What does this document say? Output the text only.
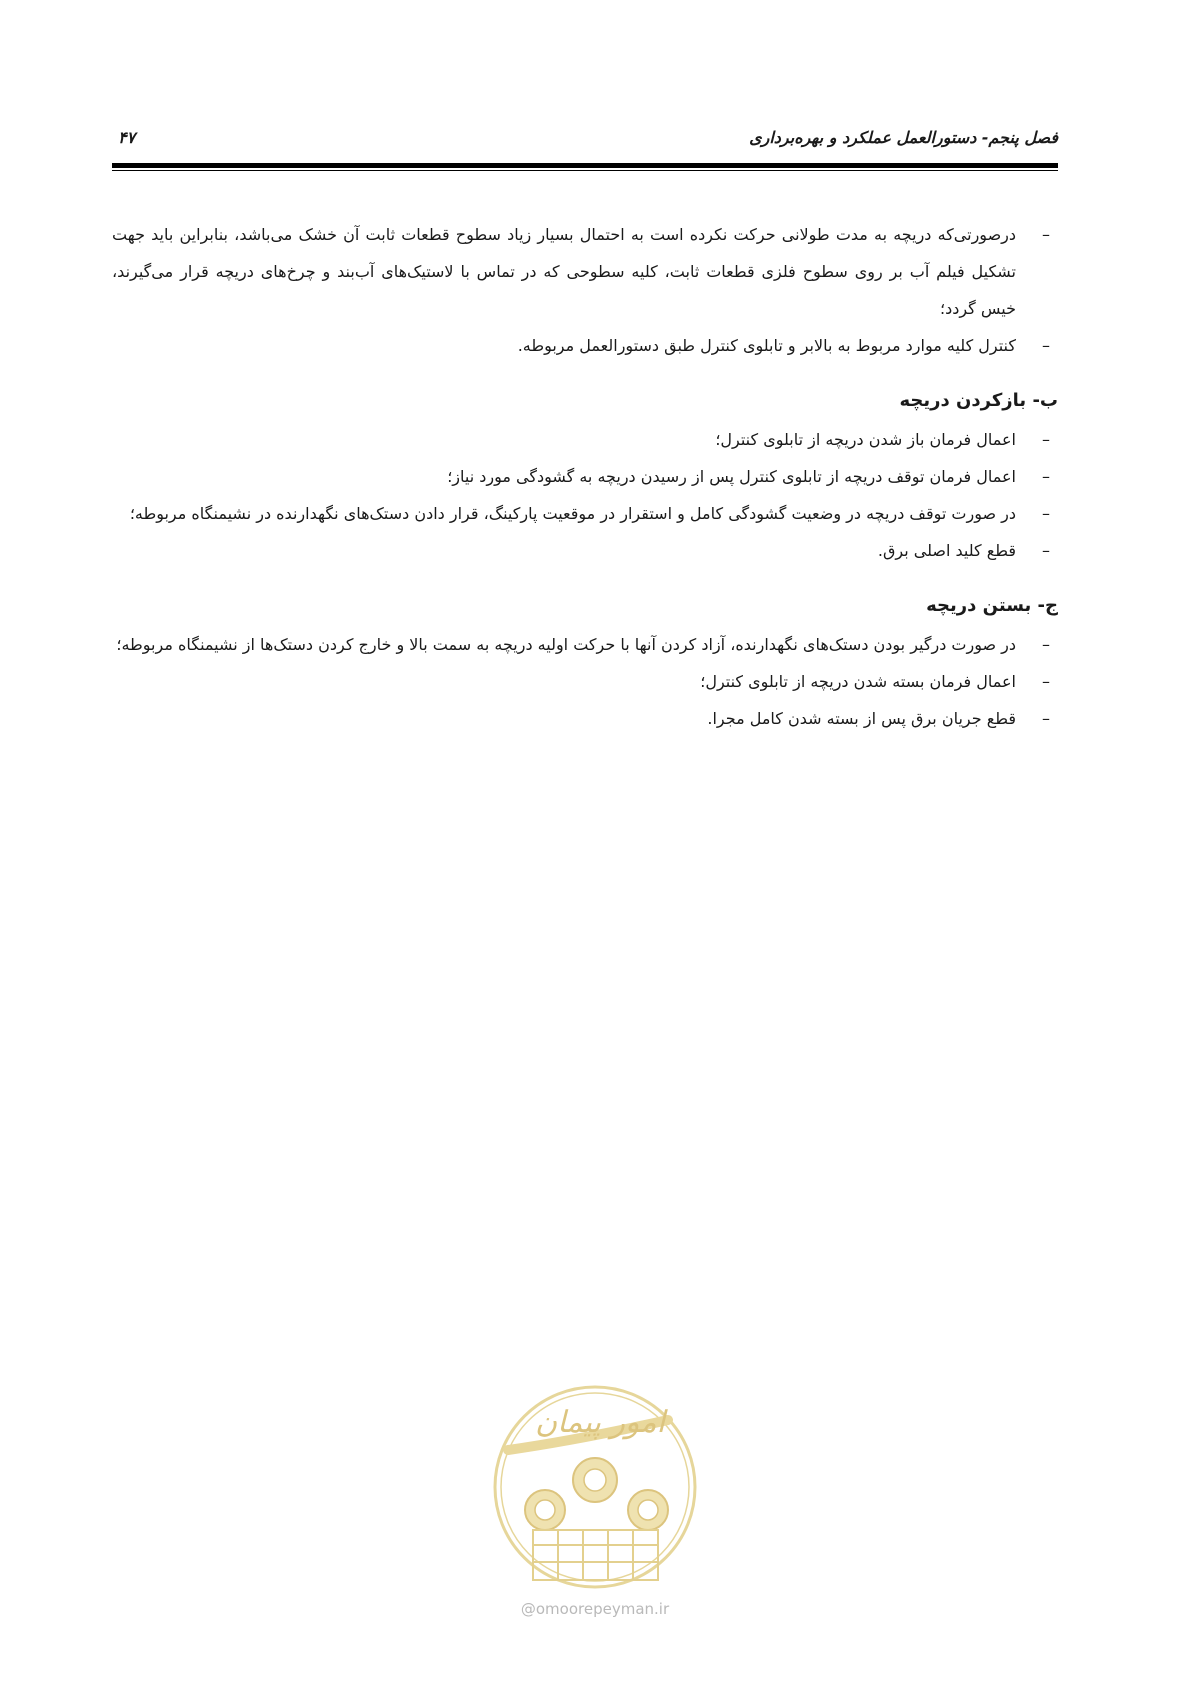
فصل پنجم- دستورالعمل عملکرد و بهره‌برداری
۴۷
–
درصورتی‌که دریچه به مدت طولانی حرکت نکرده است به احتمال بسیار زیاد سطوح قطعات ثابت آن خشک می‌باشد، بنابراین باید جهت تشکیل فیلم آب بر روی سطوح فلزی قطعات ثابت، کلیه سطوحی که در تماس با لاستیک‌های آب‌بند و چرخ‌های دریچه قرار می‌گیرند، خیس گردد؛
–
کنترل کلیه موارد مربوط به بالابر و تابلوی کنترل طبق دستورالعمل مربوطه.
ب- بازکردن دریچه
–
اعمال فرمان باز شدن دریچه از تابلوی کنترل؛
–
اعمال فرمان توقف دریچه از تابلوی کنترل پس از رسیدن دریچه به گشودگی مورد نیاز؛
–
در صورت توقف دریچه در وضعیت گشودگی کامل و استقرار در موقعیت پارکینگ، قرار دادن دستک‌های نگهدارنده در نشیمنگاه مربوطه؛
–
قطع کلید اصلی برق.
ج- بستن دریچه
–
در صورت درگیر بودن دستک‌های نگهدارنده، آزاد کردن آنها با حرکت اولیه دریچه به سمت بالا و خارج کردن دستک‌ها از نشیمنگاه مربوطه؛
–
اعمال فرمان بسته شدن دریچه از تابلوی کنترل؛
–
قطع جریان برق پس از بسته شدن کامل مجرا.
امور پیمان
@omoorepeyman.ir
